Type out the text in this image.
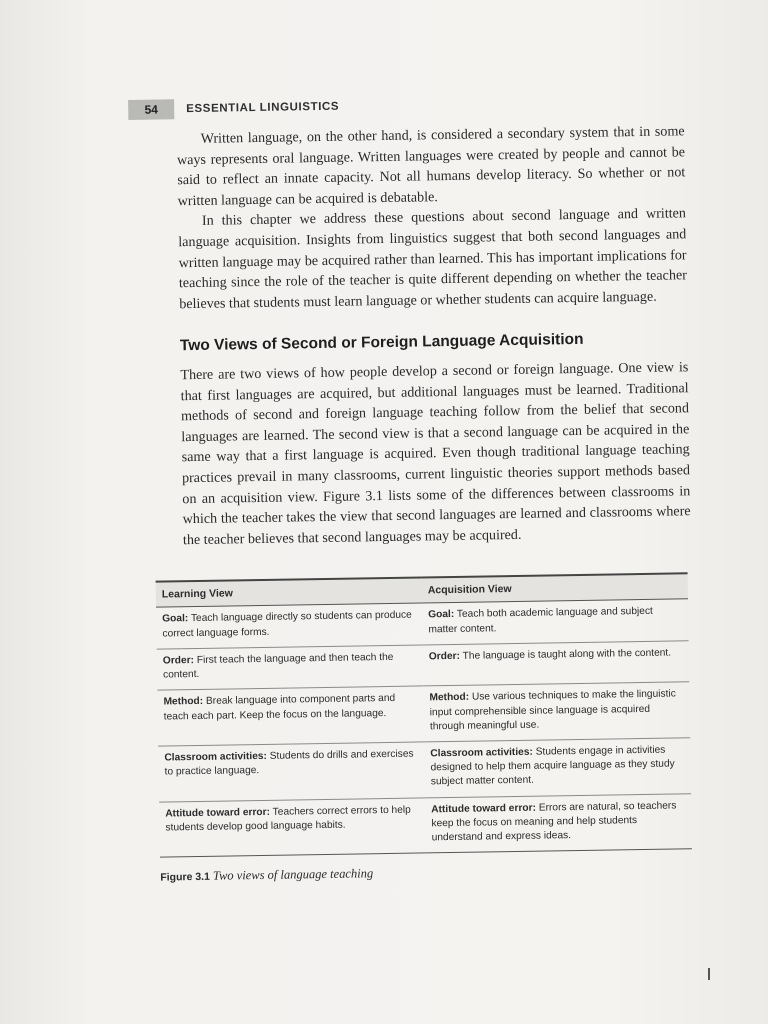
54	ESSENTIAL LINGUISTICS

Written language, on the other hand, is considered a secondary system that in some ways represents oral language. Written languages were created by people and cannot be said to reflect an innate capacity. Not all humans develop literacy. So whether or not written language can be acquired is debatable.

In this chapter we address these questions about second language and written language acquisition. Insights from linguistics suggest that both second languages and written language may be acquired rather than learned. This has important implications for teaching since the role of the teacher is quite different depending on whether the teacher believes that students must learn language or whether students can acquire language.

Two Views of Second or Foreign Language Acquisition

There are two views of how people develop a second or foreign language. One view is that first languages are acquired, but additional languages must be learned. Traditional methods of second and foreign language teaching follow from the belief that second languages are learned. The second view is that a second language can be acquired in the same way that a first language is acquired. Even though traditional language teaching practices prevail in many classrooms, current linguistic theories support methods based on an acquisition view. Figure 3.1 lists some of the differences between classrooms in which the teacher takes the view that second languages are learned and classrooms where the teacher believes that second languages may be acquired.

Learning View	Acquisition View
Goal: Teach language directly so students can produce correct language forms.	Goal: Teach both academic language and subject matter content.
Order: First teach the language and then teach the content.	Order: The language is taught along with the content.
Method: Break language into component parts and teach each part. Keep the focus on the language.	Method: Use various techniques to make the linguistic input comprehensible since language is acquired through meaningful use.
Classroom activities: Students do drills and exercises to practice language.	Classroom activities: Students engage in activities designed to help them acquire language as they study subject matter content.
Attitude toward error: Teachers correct errors to help students develop good language habits.	Attitude toward error: Errors are natural, so teachers keep the focus on meaning and help students understand and express ideas.
Figure 3.1 Two views of language teaching
